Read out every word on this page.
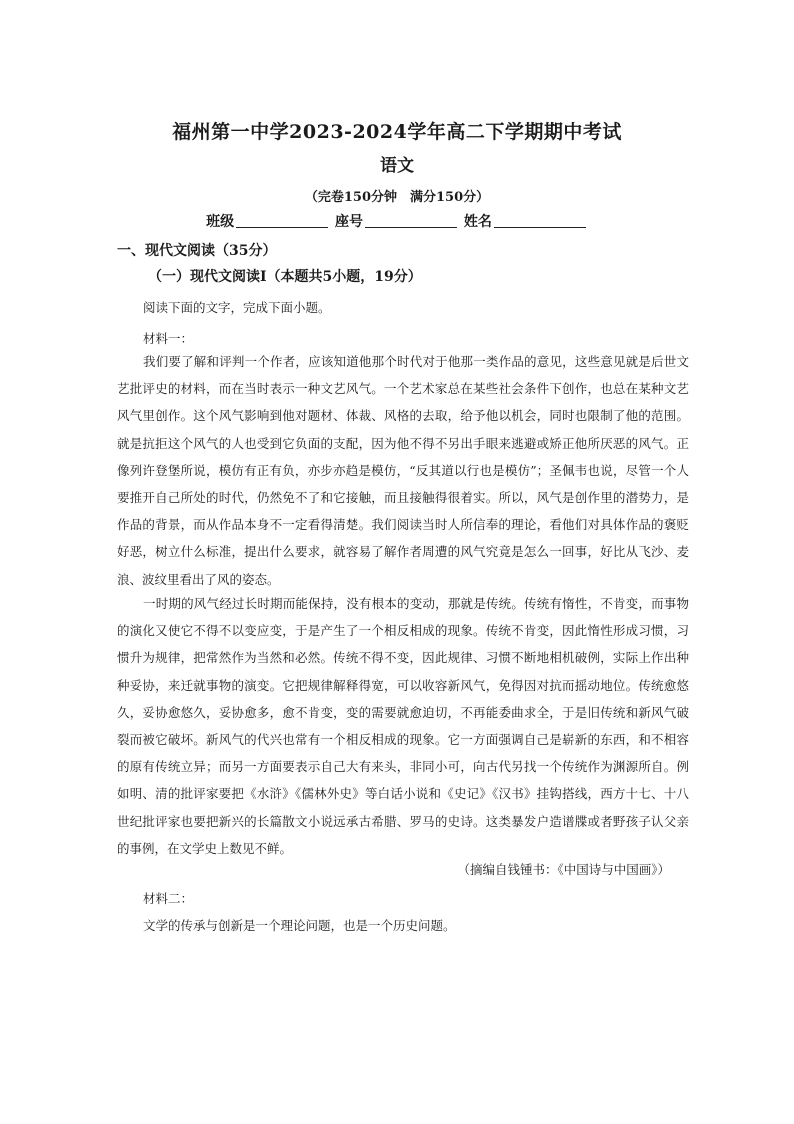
福州第一中学2023-2024学年高二下学期期中考试
语文
（完卷150分钟　满分150分）
班级	座号	姓名
一、现代文阅读（35分）
（一）现代文阅读Ⅰ（本题共5小题，19分）
阅读下面的文字，完成下面小题。
材料一：
我们要了解和评判一个作者，应该知道他那个时代对于他那一类作品的意见，这些意见就是后世文艺批评史的材料，而在当时表示一种文艺风气。一个艺术家总在某些社会条件下创作，也总在某种文艺风气里创作。这个风气影响到他对题材、体裁、风格的去取，给予他以机会，同时也限制了他的范围。就是抗拒这个风气的人也受到它负面的支配，因为他不得不另出手眼来逃避或矫正他所厌恶的风气。正像列许登堡所说，模仿有正有负，亦步亦趋是模仿，“反其道以行也是模仿”；圣佩韦也说，尽管一个人要推开自己所处的时代，仍然免不了和它接触，而且接触得很着实。所以，风气是创作里的潜势力，是作品的背景，而从作品本身不一定看得清楚。我们阅读当时人所信奉的理论，看他们对具体作品的褒贬好恶，树立什么标准，提出什么要求，就容易了解作者周遭的风气究竟是怎么一回事，好比从飞沙、麦浪、波纹里看出了风的姿态。
一时期的风气经过长时期而能保持，没有根本的变动，那就是传统。传统有惰性，不肯变，而事物的演化又使它不得不以变应变，于是产生了一个相反相成的现象。传统不肯变，因此惰性形成习惯，习惯升为规律，把常然作为当然和必然。传统不得不变，因此规律、习惯不断地相机破例，实际上作出种种妥协，来迁就事物的演变。它把规律解释得宽，可以收容新风气，免得因对抗而摇动地位。传统愈悠久，妥协愈悠久，妥协愈多，愈不肯变，变的需要就愈迫切，不再能委曲求全，于是旧传统和新风气破裂而被它破坏。新风气的代兴也常有一个相反相成的现象。它一方面强调自己是崭新的东西，和不相容的原有传统立异；而另一方面要表示自己大有来头，非同小可，向古代另找一个传统作为渊源所自。例如明、清的批评家要把《水浒》《儒林外史》等白话小说和《史记》《汉书》挂钩搭线，西方十七、十八世纪批评家也要把新兴的长篇散文小说远承古希腊、罗马的史诗。这类暴发户造谱牒或者野孩子认父亲的事例，在文学史上数见不鲜。
（摘编自钱锺书：《中国诗与中国画》）
材料二：
文学的传承与创新是一个理论问题，也是一个历史问题。
